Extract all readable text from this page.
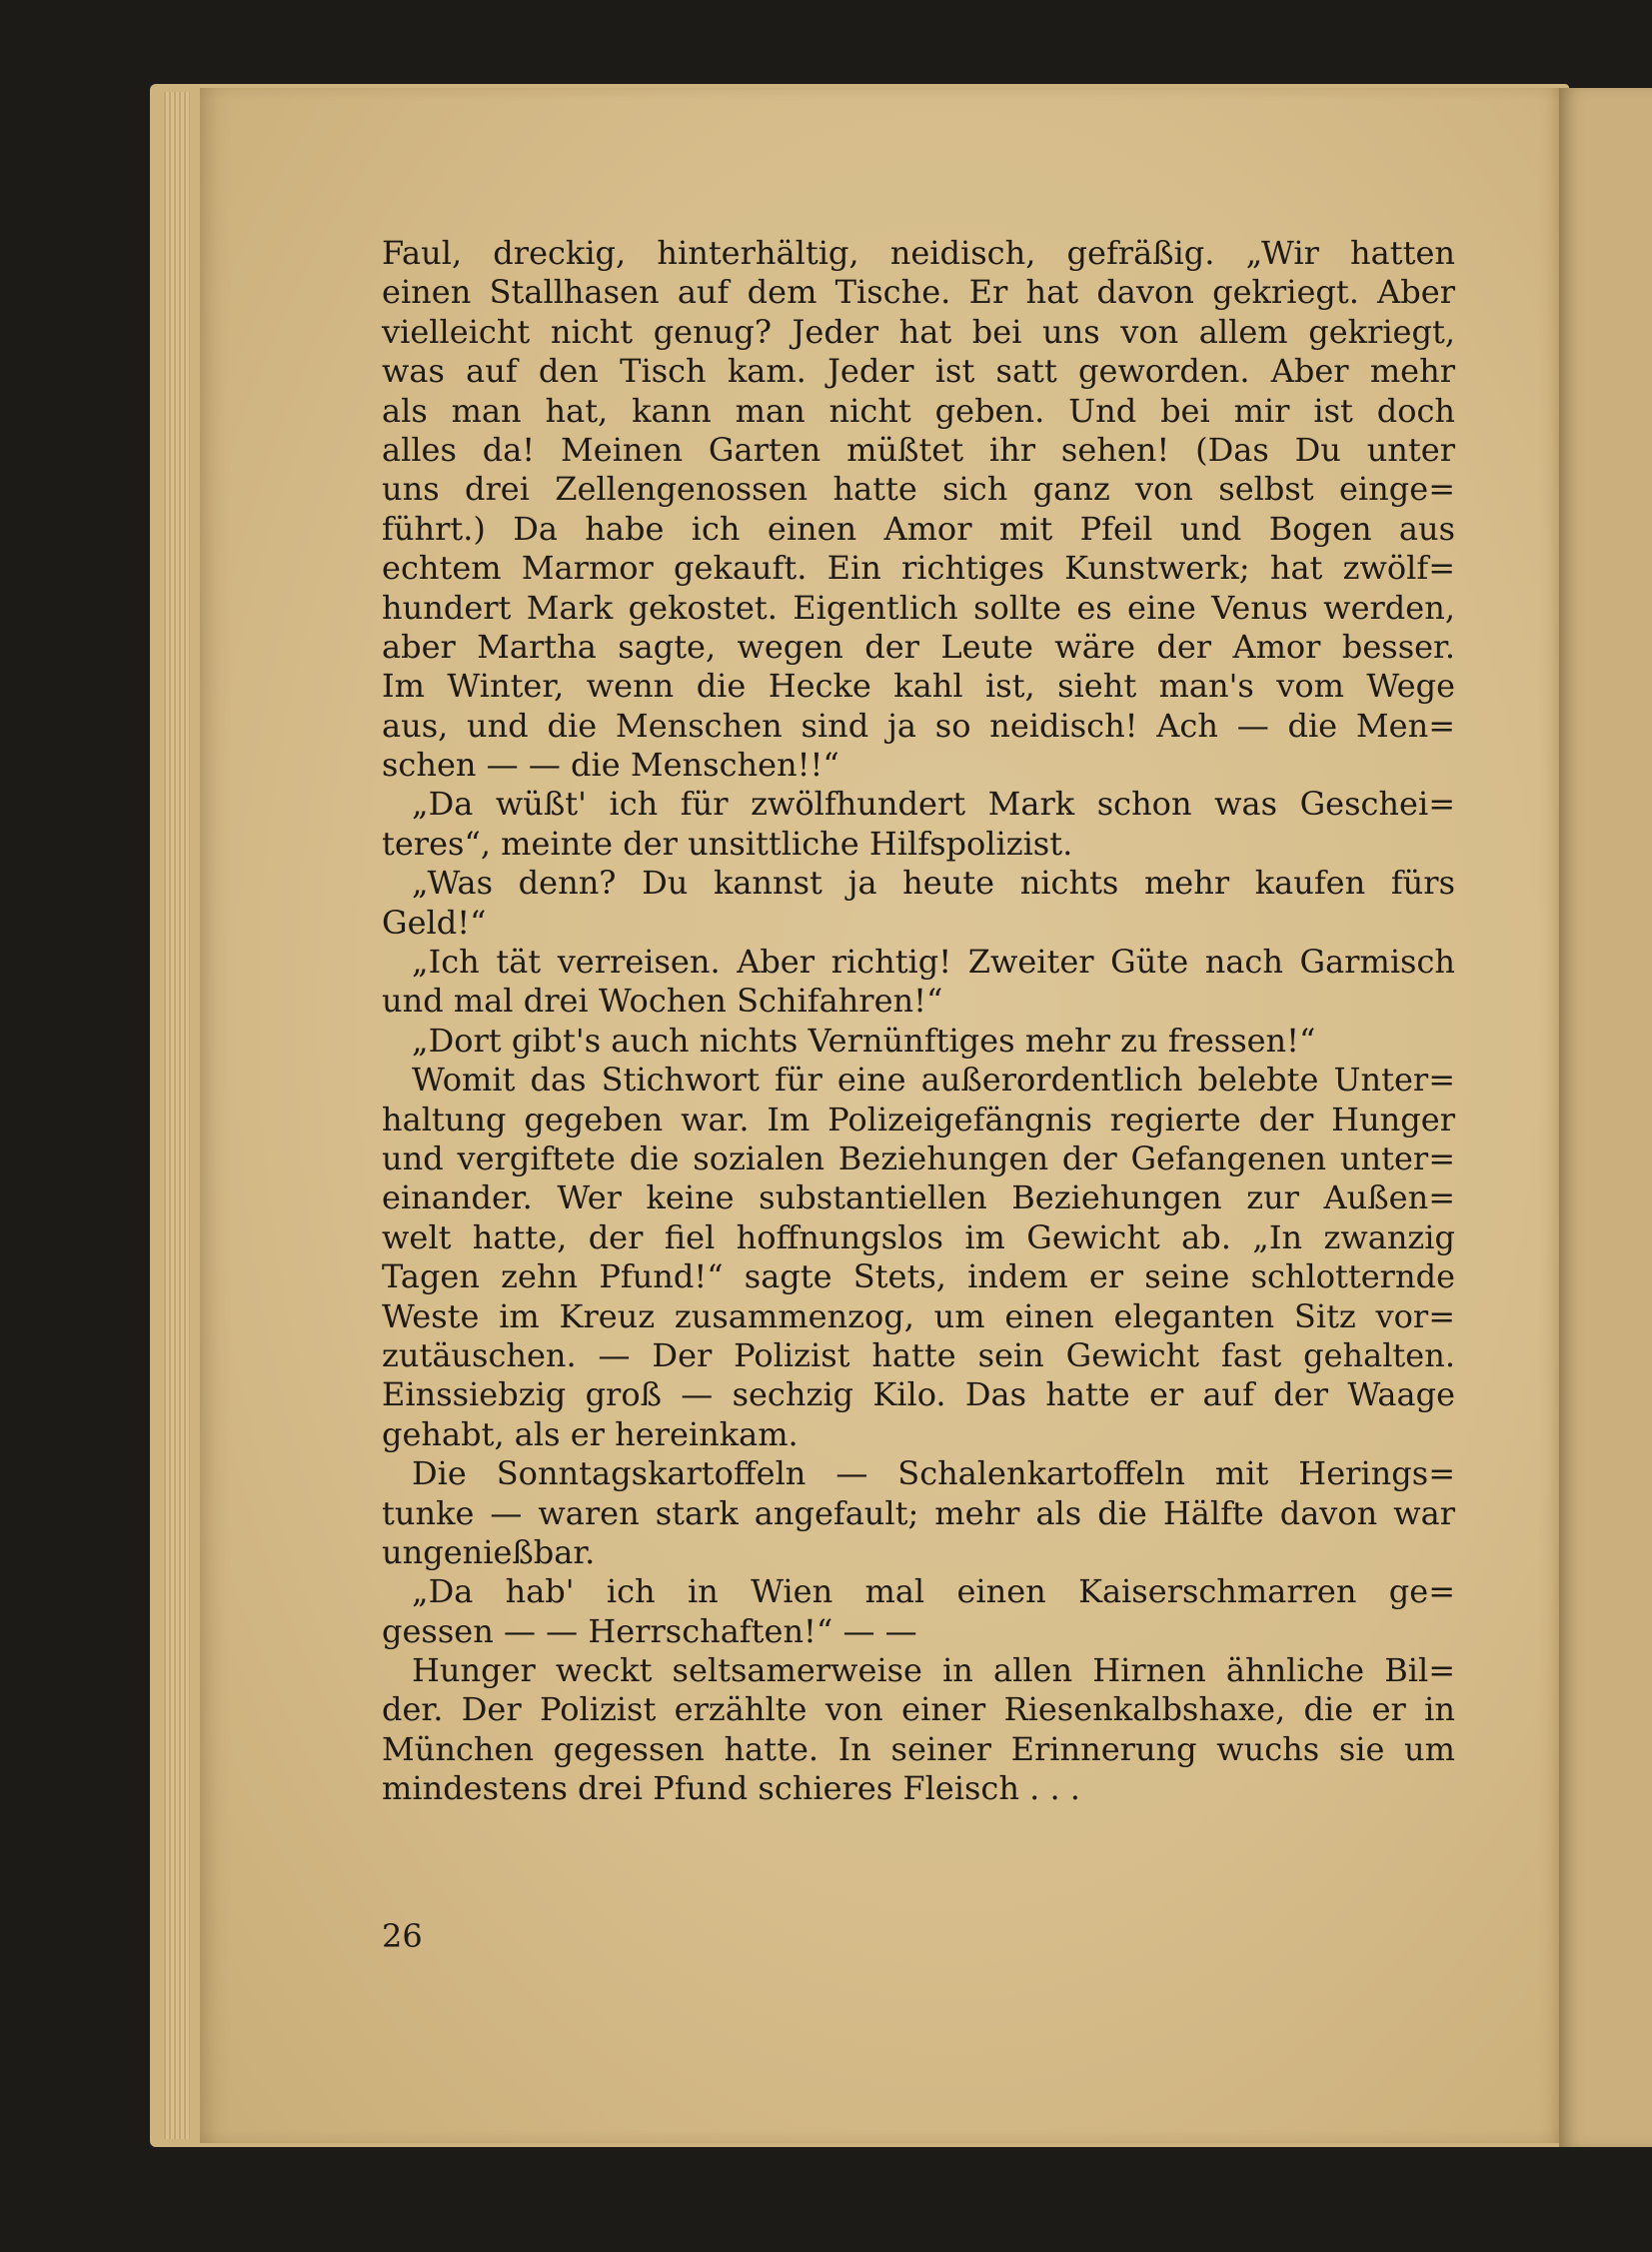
Faul, dreckig, hinterhältig, neidisch, gefräßig. „Wir hatten
einen Stallhasen auf dem Tische. Er hat davon gekriegt. Aber
vielleicht nicht genug? Jeder hat bei uns von allem gekriegt,
was auf den Tisch kam. Jeder ist satt geworden. Aber mehr
als man hat, kann man nicht geben. Und bei mir ist doch
alles da! Meinen Garten müßtet ihr sehen! (Das Du unter
uns drei Zellengenossen hatte sich ganz von selbst einge=
führt.) Da habe ich einen Amor mit Pfeil und Bogen aus
echtem Marmor gekauft. Ein richtiges Kunstwerk; hat zwölf=
hundert Mark gekostet. Eigentlich sollte es eine Venus werden,
aber Martha sagte, wegen der Leute wäre der Amor besser.
Im Winter, wenn die Hecke kahl ist, sieht man's vom Wege
aus, und die Menschen sind ja so neidisch! Ach — die Men=
schen — — die Menschen!!“
„Da wüßt' ich für zwölfhundert Mark schon was Geschei=
teres“, meinte der unsittliche Hilfspolizist.
„Was denn? Du kannst ja heute nichts mehr kaufen fürs
Geld!“
„Ich tät verreisen. Aber richtig! Zweiter Güte nach Garmisch
und mal drei Wochen Schifahren!“
„Dort gibt's auch nichts Vernünftiges mehr zu fressen!“
Womit das Stichwort für eine außerordentlich belebte Unter=
haltung gegeben war. Im Polizeigefängnis regierte der Hunger
und vergiftete die sozialen Beziehungen der Gefangenen unter=
einander. Wer keine substantiellen Beziehungen zur Außen=
welt hatte, der fiel hoffnungslos im Gewicht ab. „In zwanzig
Tagen zehn Pfund!“ sagte Stets, indem er seine schlotternde
Weste im Kreuz zusammenzog, um einen eleganten Sitz vor=
zutäuschen. — Der Polizist hatte sein Gewicht fast gehalten.
Einssiebzig groß — sechzig Kilo. Das hatte er auf der Waage
gehabt, als er hereinkam.
Die Sonntagskartoffeln — Schalenkartoffeln mit Herings=
tunke — waren stark angefault; mehr als die Hälfte davon war
ungenießbar.
„Da hab' ich in Wien mal einen Kaiserschmarren ge=
gessen — — Herrschaften!“ — —
Hunger weckt seltsamerweise in allen Hirnen ähnliche Bil=
der. Der Polizist erzählte von einer Riesenkalbshaxe, die er in
München gegessen hatte. In seiner Erinnerung wuchs sie um
mindestens drei Pfund schieres Fleisch . . .
26
